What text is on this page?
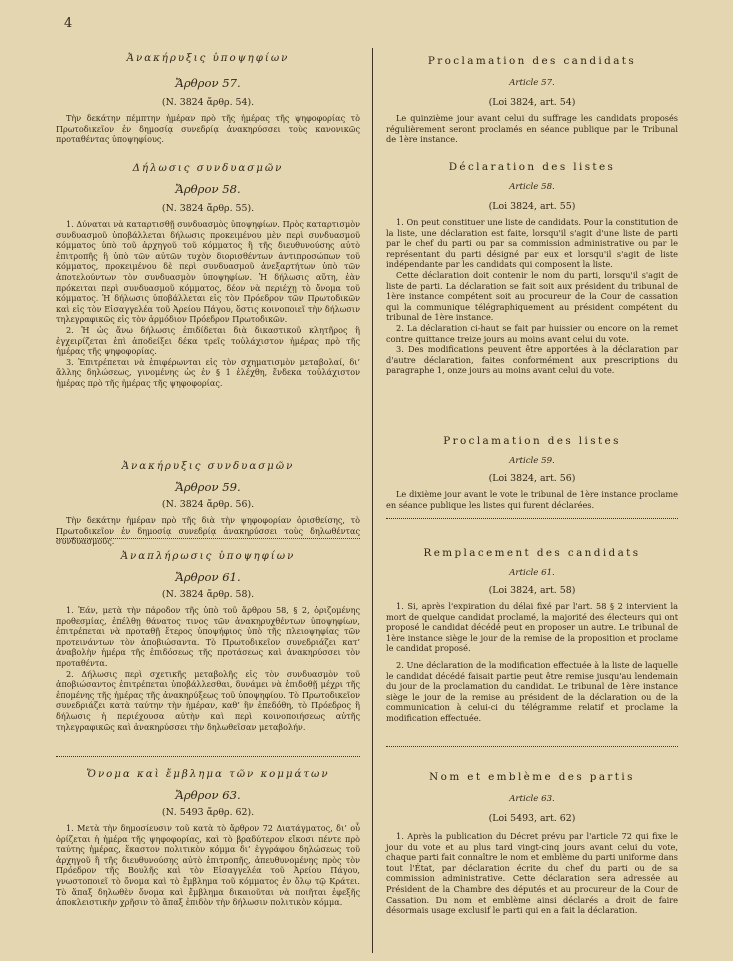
4

Ἀνακήρυξις ὑποψηφίων

Ἄρθρον 57.

(Ν. 3824 ἄρθρ. 54).

Τὴν δεκάτην πέμπτην ἡμέραν πρὸ τῆς ἡμέρας τῆς ψηφοφορίας τὸ Πρωτοδικεῖον ἐν δημοσίᾳ συνεδρίᾳ ἀνακηρύσσει τοὺς κανονικῶς προταθέντας ὑποψηφίους.

Δήλωσις συνδυασμῶν

Ἄρθρον 58.

(Ν. 3824 ἄρθρ. 55).

1. Δύναται νὰ καταρτισθῇ συνδυασμὸς ὑποψηφίων. Πρὸς καταρτισμὸν συνδυασμοῦ ὑποβάλλεται δήλωσις προκειμένου μὲν περὶ συνδυασμοῦ κόμματος ὑπὸ τοῦ ἀρχηγοῦ τοῦ κόμματος ἢ τῆς διευθυνούσης αὐτὸ ἐπιτροπῆς ἢ ὑπὸ τῶν αὐτῶν τυχὸν διορισθέντων ἀντιπροσώπων τοῦ κόμματος, προκειμένου δὲ περὶ συνδυασμοῦ ἀνεξαρτήτων ὑπὸ τῶν ἀποτελούντων τὸν συνδυασμὸν ὑποψηφίων. Ἡ δήλωσις αὕτη, ἐὰν πρόκειται περὶ συνδυασμοῦ κόμματος, δέον νὰ περιέχῃ τὸ ὄνομα τοῦ κόμματος. Ἡ δήλωσις ὑποβάλλεται εἰς τὸν Πρόεδρον τῶν Πρωτοδικῶν καὶ εἰς τὸν Εἰσαγγελέα τοῦ Ἀρείου Πάγου, ὅστις κοινοποιεῖ τὴν δήλωσιν τηλεγραφικῶς εἰς τὸν ἁρμόδιον Πρόεδρον Πρωτοδικῶν.

2. Ἡ ὡς ἄνω δήλωσις ἐπιδίδεται διὰ δικαστικοῦ κλητῆρος ἢ ἐγχειρίζεται ἐπὶ ἀποδείξει δέκα τρεῖς τοὐλάχιστον ἡμέρας πρὸ τῆς ἡμέρας τῆς ψηφοφορίας.

3. Ἐπιτρέπεται νὰ ἐπιφέρωνται εἰς τὸν σχηματισμὸν μεταβολαί, δι’ ἄλλης δηλώσεως, γινομένης ὡς ἐν § 1 ἐλέχθη, ἕνδεκα τοὐλάχιστον ἡμέρας πρὸ τῆς ἡμέρας τῆς ψηφοφορίας.

Ἀνακήρυξις συνδυασμῶν

Ἄρθρον 59.

(Ν. 3824 ἄρθρ. 56).

Τὴν δεκάτην ἡμέραν πρὸ τῆς διὰ τὴν ψηφοφορίαν ὁρισθείσης, τὸ Πρωτοδικεῖον ἐν δημοσίᾳ συνεδρίᾳ ἀνακηρύσσει τοὺς δηλωθέντας συνδυασμούς.

Ἀναπλήρωσις ὑποψηφίων

Ἄρθρον 61.

(Ν. 3824 ἄρθρ. 58).

1. Ἐάν, μετὰ τὴν πάροδον τῆς ὑπὸ τοῦ ἄρθρου 58, § 2, ὁριζομένης προθεσμίας, ἐπέλθῃ θάνατος τινος τῶν ἀνακηρυχθέντων ὑποψηφίων, ἐπιτρέπεται νὰ προταθῇ ἕτερος ὑποψήφιος ὑπὸ τῆς πλειοψηφίας τῶν προτεινάντων τὸν ἀποβιώσαντα. Τὸ Πρωτοδικεῖον συνεδριάζει κατ’ ἀναβολὴν ἡμέρα τῆς ἐπιδόσεως τῆς προτάσεως καὶ ἀνακηρύσσει τὸν προταθέντα.

2. Δήλωσις περὶ σχετικῆς μεταβολῆς εἰς τὸν συνδυασμὸν τοῦ ἀποβιώσαντος ἐπιτρέπεται ὑποβάλλεσθαι, δυνάμει νὰ ἐπιδοθῇ μέχρι τῆς ἐπομένης τῆς ἡμέρας τῆς ἀνακηρύξεως τοῦ ὑποψηφίου. Τὸ Πρωτοδικεῖον συνεδριάζει κατὰ ταύτην τὴν ἡμέραν, καθ’ ἣν ἐπεδόθη, τὸ Πρόεδρος ἢ δήλωσις ἡ περιέχουσα αὐτὴν καὶ περὶ κοινοποιήσεως αὐτῆς τηλεγραφικῶς καὶ ἀνακηρύσσει τὴν δηλωθεῖσαν μεταβολήν.

Ὄνομα καὶ ἔμβλημα τῶν κομμάτων

Ἄρθρον 63.

(Ν. 5493 ἄρθρ. 62).

1. Μετὰ τὴν δημοσίευσιν τοῦ κατὰ τὸ ἄρθρον 72 Διατάγματος, δι’ οὗ ὁρίζεται ἡ ἡμέρα τῆς ψηφοφορίας, καὶ τὸ βραδύτερον εἴκοσι πέντε πρὸ ταύτης ἡμέρας, ἕκαστον πολιτικὸν κόμμα δι’ ἐγγράφου δηλώσεως τοῦ ἀρχηγοῦ ἢ τῆς διευθυνούσης αὐτὸ ἐπιτροπῆς, ἀπευθυνομένης πρὸς τὸν Πρόεδρον τῆς Βουλῆς καὶ τὸν Εἰσαγγελέα τοῦ Ἀρείου Πάγου, γνωστοποιεῖ τὸ ὄνομα καὶ τὸ ἔμβλημα τοῦ κόμματος ἐν ὅλῳ τῷ Κράτει. Τὸ ἅπαξ δηλωθὲν ὄνομα καὶ ἔμβλημα δικαιοῦται νὰ ποιῆται ἐφεξῆς ἀποκλειστικὴν χρῆσιν τὸ ἅπαξ ἐπιδὸν τὴν δήλωσιν πολιτικὸν κόμμα.

Proclamation des candidats

Article 57.

(Loi 3824, art. 54)

Le quinzième jour avant celui du suffrage les candidats proposés régulièrement seront proclamés en séance publique par le Tribunal de 1ère instance.

Déclaration des listes

Article 58.

(Loi 3824, art. 55)

1. On peut constituer une liste de candidats. Pour la constitution de la liste, une déclaration est faite, lorsqu'il s'agit d'une liste de parti par le chef du parti ou par sa commission administrative ou par le représentant du parti désigné par eux et lorsqu'il s'agit de liste indépendante par les candidats qui composent la liste.

Cette déclaration doit contenir le nom du parti, lorsqu'il s'agit de liste de parti. La déclaration se fait soit aux président du tribunal de 1ère instance compétent soit au procureur de la Cour de cassation qui la communique télégraphiquement au président compétent du tribunal de 1ère instance.

2. La déclaration ci-haut se fait par huissier ou encore on la remet contre quittance treize jours au moins avant celui du vote.

3. Des modifications peuvent être apportées à la déclaration par d'autre déclaration, faites conformément aux prescriptions du paragraphe 1, onze jours au moins avant celui du vote.

Proclamation des listes

Article 59.

(Loi 3824, art. 56)

Le dixième jour avant le vote le tribunal de 1ère instance proclame en séance publique les listes qui furent déclarées.

Remplacement des candidats

Article 61.

(Loi 3824, art. 58)

1. Si, après l'expiration du délai fixé par l'art. 58 § 2 intervient la mort de quelque candidat proclamé, la majorité des électeurs qui ont proposé le candidat décédé peut en proposer un autre. Le tribunal de 1ère instance siège le jour de la remise de la proposition et proclame le candidat proposé.

2. Une déclaration de la modification effectuée à la liste de laquelle le candidat décédé faisait partie peut être remise jusqu'au lendemain du jour de la proclamation du candidat. Le tribunal de 1ère instance siège le jour de la remise au président de la déclaration ou de la communication à celui-ci du télégramme relatif et proclame la modification effectuée.

Nom et emblème des partis

Article 63.

(Loi 5493, art. 62)

1. Après la publication du Décret prévu par l'article 72 qui fixe le jour du vote et au plus tard vingt-cinq jours avant celui du vote, chaque parti fait connaître le nom et emblème du parti uniforme dans tout l'État, par déclaration écrite du chef du parti ou de sa commission administrative. Cette déclaration sera adressée au Président de la Chambre des députés et au procureur de la Cour de Cassation. Du nom et emblème ainsi déclarés a droit de faire désormais usage exclusif le parti qui en a fait la déclaration.
